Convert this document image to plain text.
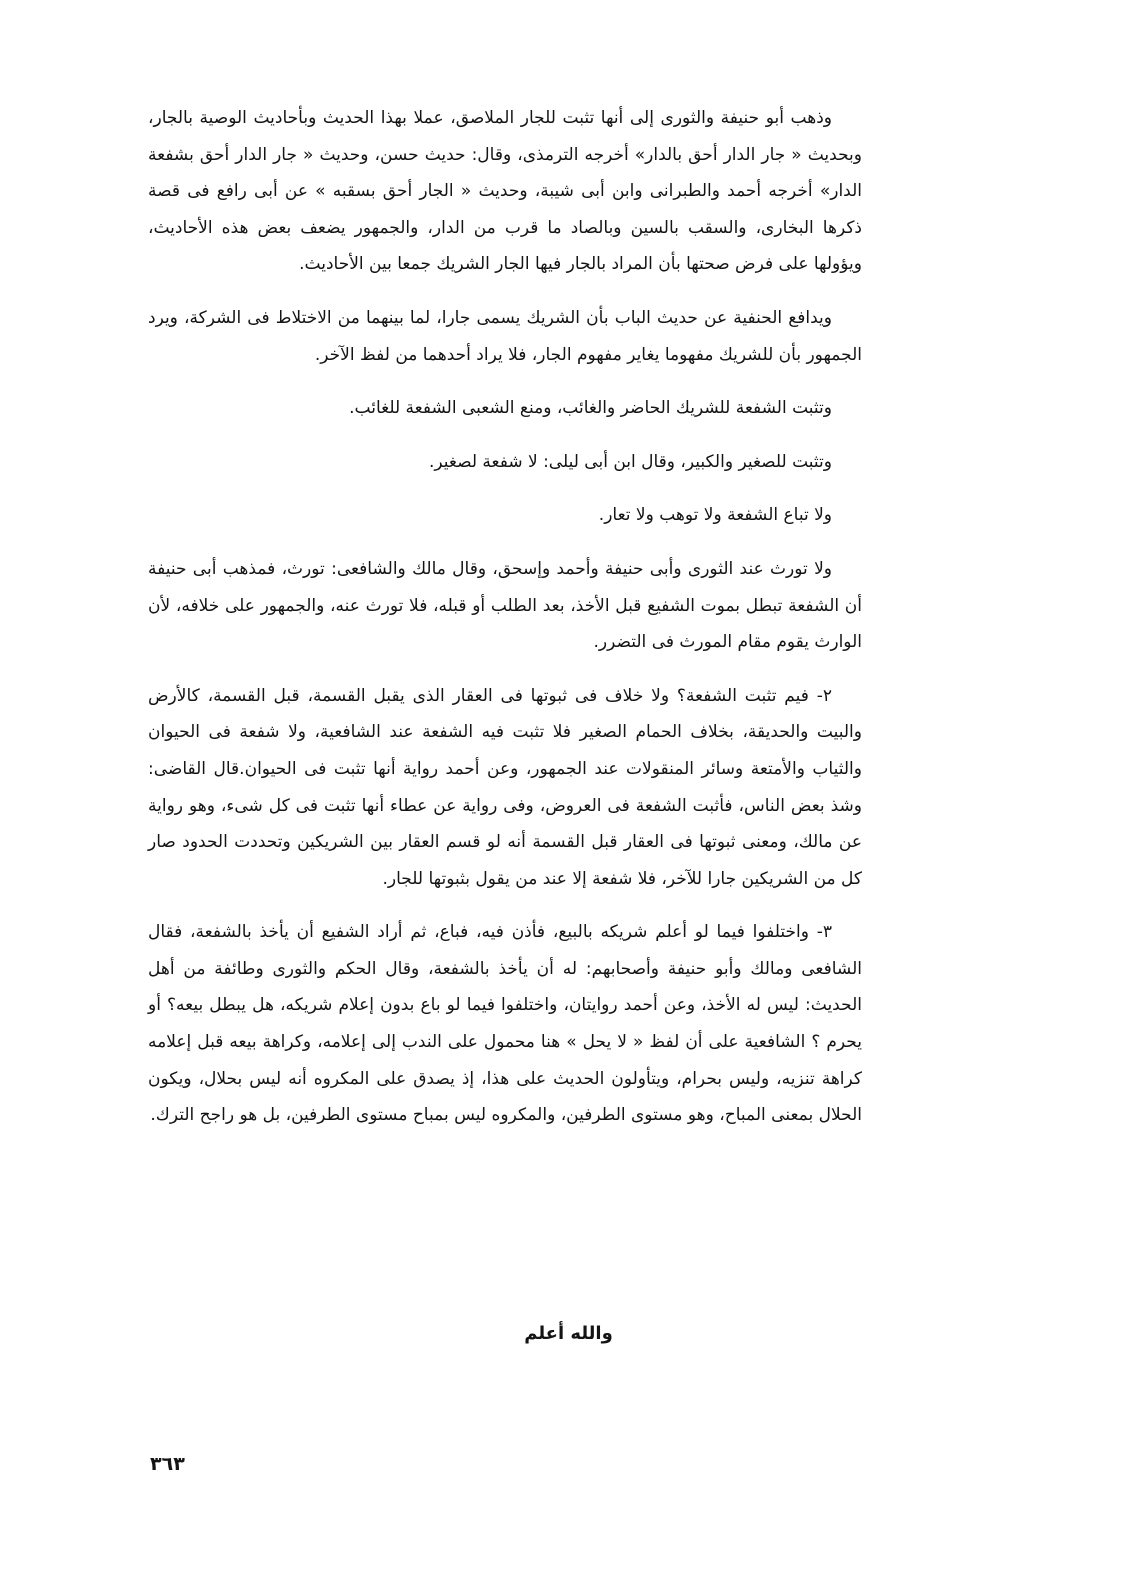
وذهب أبو حنيفة والثورى إلى أنها تثبت للجار الملاصق، عملا بهذا الحديث وبأحاديث الوصية بالجار، وبحديث « جار الدار أحق بالدار» أخرجه الترمذى، وقال: حديث حسن، وحديث « جار الدار أحق بشفعة الدار» أخرجه أحمد والطبرانى وابن أبى شيبة، وحديث « الجار أحق بسقبه » عن أبى رافع فى قصة ذكرها البخارى، والسقب بالسين وبالصاد ما قرب من الدار، والجمهور يضعف بعض هذه الأحاديث، ويؤولها على فرض صحتها بأن المراد بالجار فيها الجار الشريك جمعا بين الأحاديث.

ويدافع الحنفية عن حديث الباب بأن الشريك يسمى جارا، لما بينهما من الاختلاط فى الشركة، ويرد الجمهور بأن للشريك مفهوما يغاير مفهوم الجار، فلا يراد أحدهما من لفظ الآخر.

وتثبت الشفعة للشريك الحاضر والغائب، ومنع الشعبى الشفعة للغائب.

وتثبت للصغير والكبير، وقال ابن أبى ليلى: لا شفعة لصغير.

ولا تباع الشفعة ولا توهب ولا تعار.

ولا تورث عند الثورى وأبى حنيفة وأحمد وإسحق، وقال مالك والشافعى: تورث، فمذهب أبى حنيفة أن الشفعة تبطل بموت الشفيع قبل الأخذ، بعد الطلب أو قبله، فلا تورث عنه، والجمهور على خلافه، لأن الوارث يقوم مقام المورث فى التضرر.

٢- فيم تثبت الشفعة؟ ولا خلاف فى ثبوتها فى العقار الذى يقبل القسمة، قبل القسمة، كالأرض والبيت والحديقة، بخلاف الحمام الصغير فلا تثبت فيه الشفعة عند الشافعية، ولا شفعة فى الحيوان والثياب والأمتعة وسائر المنقولات عند الجمهور، وعن أحمد رواية أنها تثبت فى الحيوان.قال القاضى: وشذ بعض الناس، فأثبت الشفعة فى العروض، وفى رواية عن عطاء أنها تثبت فى كل شىء، وهو رواية عن مالك، ومعنى ثبوتها فى العقار قبل القسمة أنه لو قسم العقار بين الشريكين وتحددت الحدود صار كل من الشريكين جارا للآخر، فلا شفعة إلا عند من يقول بثبوتها للجار.

٣- واختلفوا فيما لو أعلم شريكه بالبيع، فأذن فيه، فباع، ثم أراد الشفيع أن يأخذ بالشفعة، فقال الشافعى ومالك وأبو حنيفة وأصحابهم: له أن يأخذ بالشفعة، وقال الحكم والثورى وطائفة من أهل الحديث: ليس له الأخذ، وعن أحمد روايتان، واختلفوا فيما لو باع بدون إعلام شريكه، هل يبطل بيعه؟ أو يحرم ؟ الشافعية على أن لفظ « لا يحل » هنا محمول على الندب إلى إعلامه، وكراهة بيعه قبل إعلامه كراهة تنزيه، وليس بحرام، ويتأولون الحديث على هذا، إذ يصدق على المكروه أنه ليس بحلال، ويكون الحلال بمعنى المباح، وهو مستوى الطرفين، والمكروه ليس بمباح مستوى الطرفين، بل هو راجح الترك.

والله أعلم
٣٦٣
